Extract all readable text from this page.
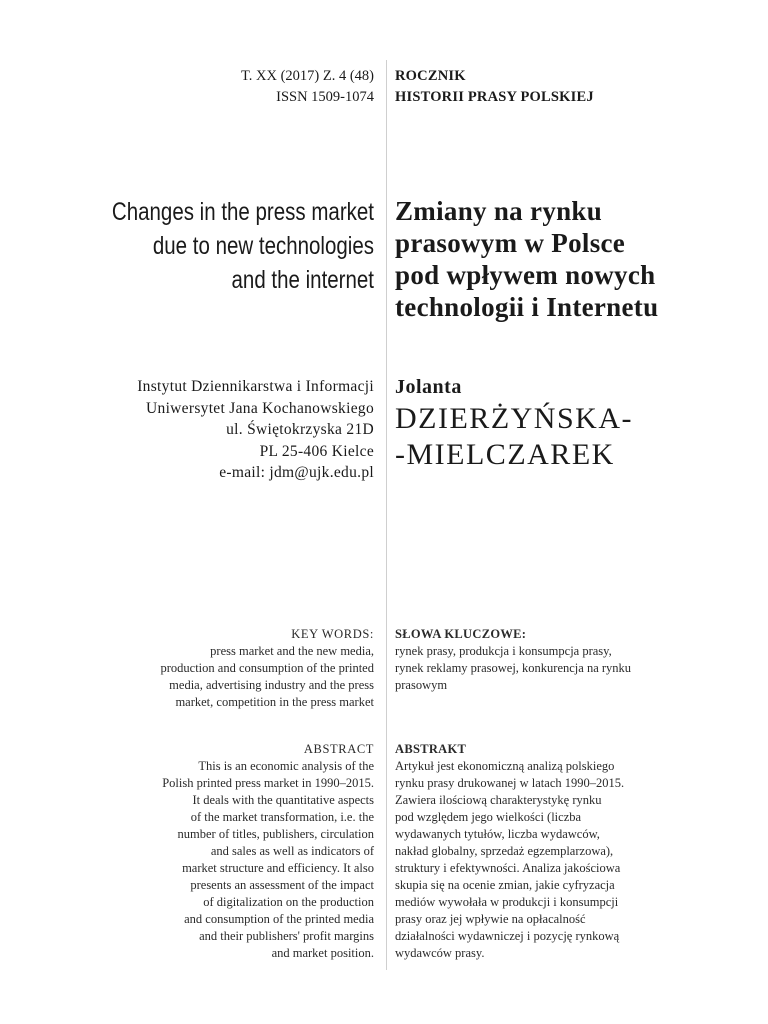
T. XX (2017) Z. 4 (48)
ISSN 1509-1074
ROCZNIK
HISTORII PRASY POLSKIEJ
Changes in the press market
due to new technologies
and the internet
Zmiany na rynku
prasowym w Polsce
pod wpływem nowych
technologii i Internetu
Instytut Dziennikarstwa i Informacji
Uniwersytet Jana Kochanowskiego
ul. Świętokrzyska 21D
PL 25-406 Kielce
e-mail: jdm@ujk.edu.pl
Jolanta
DZIERŻYŃSKA-
-MIELCZAREK
KEY WORDS:
press market and the new media,
production and consumption of the printed
media, advertising industry and the press
market, competition in the press market
SŁOWA KLUCZOWE:
rynek prasy, produkcja i konsumpcja prasy,
rynek reklamy prasowej, konkurencja na rynku
prasowym
ABSTRACT
This is an economic analysis of the
Polish printed press market in 1990–2015.
It deals with the quantitative aspects
of the market transformation, i.e. the
number of titles, publishers, circulation
and sales as well as indicators of
market structure and efficiency. It also
presents an assessment of the impact
of digitalization on the production
and consumption of the printed media
and their publishers' profit margins
and market position.
ABSTRAKT
Artykuł jest ekonomiczną analizą polskiego
rynku prasy drukowanej w latach 1990–2015.
Zawiera ilościową charakterystykę rynku
pod względem jego wielkości (liczba
wydawanych tytułów, liczba wydawców,
nakład globalny, sprzedaż egzemplarzowa),
struktury i efektywności. Analiza jakościowa
skupia się na ocenie zmian, jakie cyfryzacja
mediów wywołała w produkcji i konsumpcji
prasy oraz jej wpływie na opłacalność
działalności wydawniczej i pozycję rynkową
wydawców prasy.
